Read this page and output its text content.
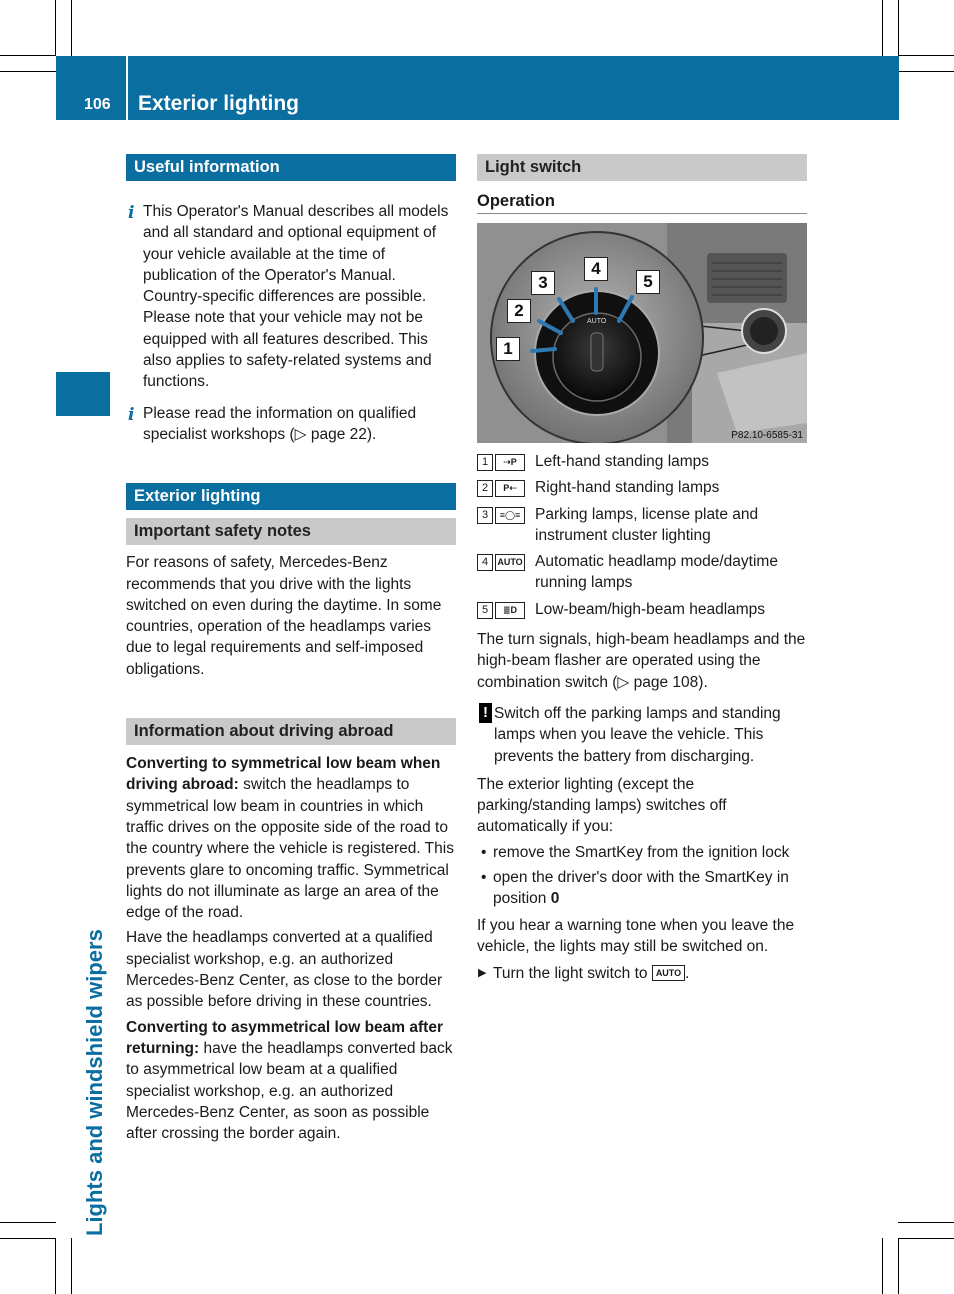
106 Exterior lighting
Lights and windshield wipers
Useful information
i This Operator's Manual describes all models and all standard and optional equipment of your vehicle available at the time of publication of the Operator's Manual. Country-specific differences are possible. Please note that your vehicle may not be equipped with all features described. This also applies to safety-related systems and functions.
i Please read the information on qualified specialist workshops (▷ page 22).
Exterior lighting
Important safety notes

For reasons of safety, Mercedes-Benz recommends that you drive with the lights switched on even during the daytime. In some countries, operation of the headlamps varies due to legal requirements and self-imposed obligations.

Information about driving abroad

Converting to symmetrical low beam when driving abroad: switch the headlamps to symmetrical low beam in countries in which traffic drives on the opposite side of the road to the country where the vehicle is registered. This prevents glare to oncoming traffic. Symmetrical lights do not illuminate as large an area of the edge of the road.

Have the headlamps converted at a qualified specialist workshop, e.g. an authorized Mercedes-Benz Center, as close to the border as possible before driving in these countries.

Converting to asymmetrical low beam after returning: have the headlamps converted back to asymmetrical low beam at a qualified specialist workshop, e.g. an authorized Mercedes-Benz Center, as soon as possible after crossing the border again.

Light switch
Operation
AUTO
1
2
3
4
5
P82.10-6585-31
1	⇢P	Left-hand standing lamps
2	P⇠	Right-hand standing lamps
3	≡◯≡ Parking lamps, license plate and instrument cluster lighting
4	AUTO Automatic headlamp mode/daytime running lamps
5	≣D	Low-beam/high-beam headlamps

The turn signals, high-beam headlamps and the high-beam flasher are operated using the combination switch (▷ page 108).

! Switch off the parking lamps and standing lamps when you leave the vehicle. This prevents the battery from discharging.

The exterior lighting (except the parking/standing lamps) switches off automatically if you:

• remove the SmartKey from the ignition lock
• open the driver's door with the SmartKey in position 0

If you hear a warning tone when you leave the vehicle, the lights may still be switched on.

▶ Turn the light switch to AUTO .
